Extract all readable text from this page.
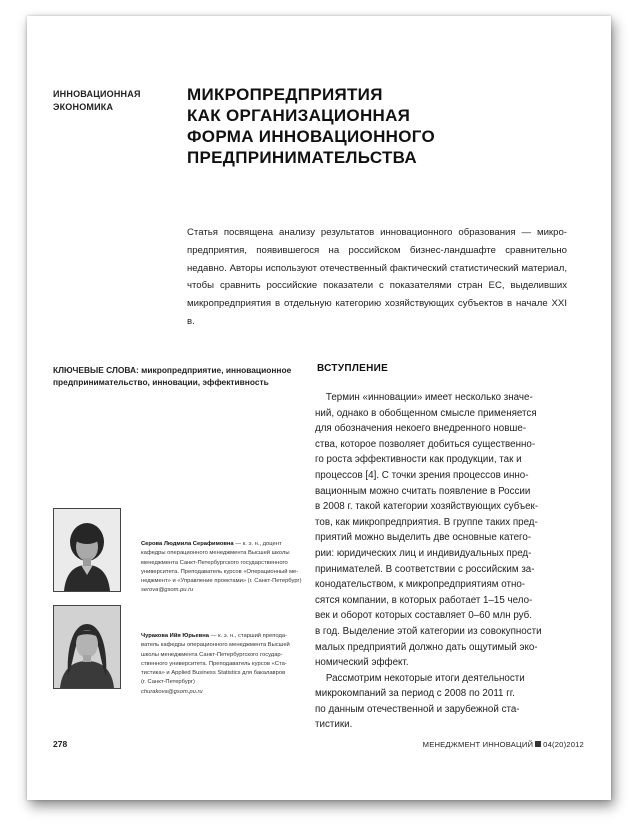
ИННОВАЦИОННАЯ
ЭКОНОМИКА
МИКРОПРЕДПРИЯТИЯ
КАК ОРГАНИЗАЦИОННАЯ
ФОРМА ИННОВАЦИОННОГО
ПРЕДПРИНИМАТЕЛЬСТВА
Статья посвящена анализу результатов инновационного образования — микро-предприятия, появившегося на российском бизнес-ландшафте сравнительно недавно. Авторы используют отечественный фактический статистический материал, чтобы сравнить российские показатели с показателями стран ЕС, выделивших микропредприятия в отдельную категорию хозяйствующих субъектов в начале XXI в.
КЛЮЧЕВЫЕ СЛОВА: микропредприятие, инновационное предпринимательство, инновации, эффективность
ВСТУПЛЕНИЕ
Термин «инновации» имеет несколько значе-
ний, однако в обобщенном смысле применяется
для обозначения некоего внедренного новше-
ства, которое позволяет добиться существенно-
го роста эффективности как продукции, так и
процессов [4]. С точки зрения процессов инно-
вационным можно считать появление в России
в 2008 г. такой категории хозяйствующих субъек-
тов, как микропредприятия. В группе таких пред-
приятий можно выделить две основные катего-
рии: юридических лиц и индивидуальных пред-
принимателей. В соответствии с российским за-
конодательством, к микропредприятиям отно-
сятся компании, в которых работает 1–15 чело-
век и оборот которых составляет 0–60 млн руб.
в год. Выделение этой категории из совокупности
малых предприятий должно дать ощутимый эко-
номический эффект.
Рассмотрим некоторые итоги деятельности
микрокомпаний за период с 2008 по 2011 гг.
по данным отечественной и зарубежной ста-
тистики.
Серова Людмила Серафимовна — к. э. н., доцент
кафедры операционного менеджмента Высшей школы
менеджмента Санкт-Петербургского государственного
университета. Преподаватель курсов «Операционный ме-
неджмент» и «Управление проектами» (г. Санкт-Петербург)
serova@gsom.pu.ru
Чуракова Ийя Юрьевна — к. э. н., старший препода-
ватель кафедры операционного менеджмента Высшей
школы менеджмента Санкт-Петербургского государ-
ственного университета. Преподаватель курсов «Ста-
тистика» и Applied Business Statistics для бакалавров
(г. Санкт-Петербург)
churakova@gsom.pu.ru
278	МЕНЕДЖМЕНТ ИННОВАЦИЙ 04(20)2012
